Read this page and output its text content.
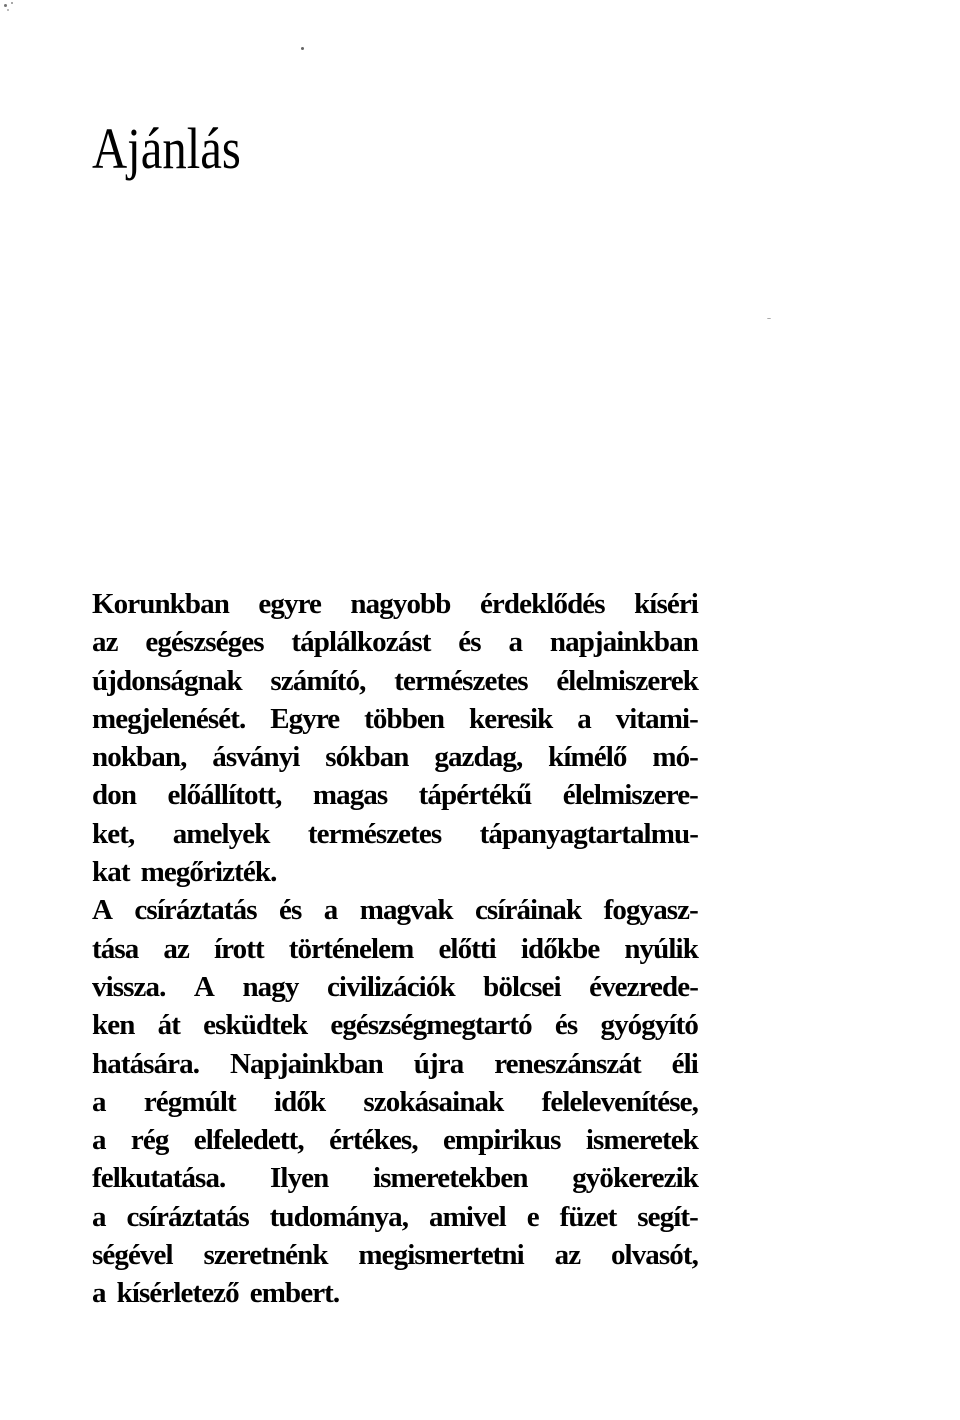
Ajánlás
Korunkban egyre nagyobb érdeklődés kíséri
az egészséges táplálkozást és a napjainkban
újdonságnak számító, természetes élelmiszerek
megjelenését. Egyre többen keresik a vitami-
nokban, ásványi sókban gazdag, kímélő mó-
don előállított, magas tápértékű élelmiszere-
ket, amelyek természetes tápanyagtartalmu-
kat megőrizték.
A csíráztatás és a magvak csíráinak fogyasz-
tása az írott történelem előtti időkbe nyúlik
vissza. A nagy civilizációk bölcsei évezrede-
ken át esküdtek egészségmegtartó és gyógyító
hatására. Napjainkban újra reneszánszát éli
a régmúlt idők szokásainak felelevenítése,
a rég elfeledett, értékes, empirikus ismeretek
felkutatása. Ilyen ismeretekben gyökerezik
a csíráztatás tudománya, amivel e füzet segít-
ségével szeretnénk megismertetni az olvasót,
a kísérletező embert.
